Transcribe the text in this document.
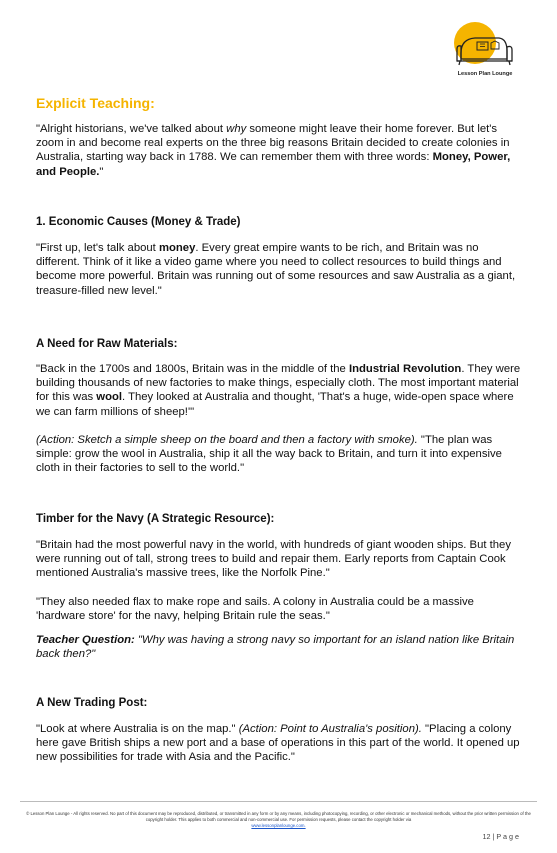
Lesson Plan Lounge
Explicit Teaching:

"Alright historians, we've talked about why someone might leave their home forever. But let's zoom in and become real experts on the three big reasons Britain decided to create colonies in Australia, starting way back in 1788. We can remember them with three words: Money, Power, and People."

1. Economic Causes (Money & Trade)

"First up, let's talk about money. Every great empire wants to be rich, and Britain was no different. Think of it like a video game where you need to collect resources to build things and become more powerful. Britain was running out of some resources and saw Australia as a giant, treasure-filled new level."

A Need for Raw Materials:

"Back in the 1700s and 1800s, Britain was in the middle of the Industrial Revolution. They were building thousands of new factories to make things, especially cloth. The most important material for this was wool. They looked at Australia and thought, 'That's a huge, wide-open space where we can farm millions of sheep!'"

(Action: Sketch a simple sheep on the board and then a factory with smoke). "The plan was simple: grow the wool in Australia, ship it all the way back to Britain, and turn it into expensive cloth in their factories to sell to the world."

Timber for the Navy (A Strategic Resource):

"Britain had the most powerful navy in the world, with hundreds of giant wooden ships. But they were running out of tall, strong trees to build and repair them. Early reports from Captain Cook mentioned Australia's massive trees, like the Norfolk Pine."

"They also needed flax to make rope and sails. A colony in Australia could be a massive 'hardware store' for the navy, helping Britain rule the seas."

Teacher Question: "Why was having a strong navy so important for an island nation like Britain back then?"

A New Trading Post:

"Look at where Australia is on the map." (Action: Point to Australia's position). "Placing a colony here gave British ships a new port and a base of operations in this part of the world. It opened up new possibilities for trade with Asia and the Pacific."

© Lesson Plan Lounge - All rights reserved. No part of this document may be reproduced, distributed, or transmitted in any form or by any means, including photocopying, recording, or other electronic or mechanical methods, without the prior written permission of the copyright holder. This applies to both commercial and non-commercial use. For permission requests, please contact the copyright holder via
www.lessonplanlounge.com.
12 | P a g e
